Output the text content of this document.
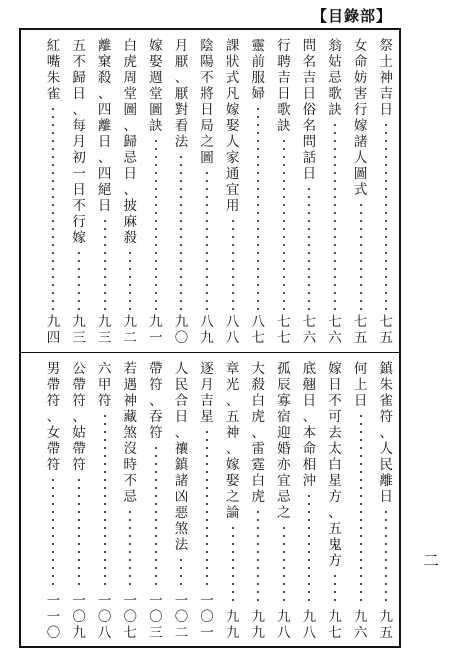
【目錄部】
祭
土
神
吉
日
七
五
女
命
妨
害
行
嫁
諸
人
圖
式
七
五
翁
姑
忌
歌
訣
七
六
問
名
吉
日
俗
名
問
話
日
七
六
行
聘
吉
日
歌
訣
七
七
靈
前
服
婦
八
七
課
狀
式
凡
嫁
娶
人
家
通
宜
用
八
八
陰
陽
不
將
日
局
之
圖
八
九
月
厭
、
厭
對
看
法
九
〇
嫁
娶
週
堂
圖
訣
九
一
白
虎
周
堂
圖
、
歸
忌
日
、
披
麻
殺
九
二
離
窠
殺
、
四
離
日
、
四
絕
日
九
三
五
不
歸
日
、
每
月
初
一
日
不
行
嫁
九
三
紅
嘴
朱
雀
九
四
鎮
朱
雀
符
、
人
民
離
日
九
五
何
上
日
九
六
嫁
日
不
可
去
太
白
星
方
、
五
鬼
方
九
七
底
翹
日
、
本
命
相
沖
九
八
孤
辰
寡
宿
迎
婚
亦
宜
忌
之
九
八
大
殺
白
虎
、
雷
霆
白
虎
九
九
章
光
、
五
神
、
嫁
娶
之
論
九
九
逐
月
吉
星
一
〇
一
人
民
合
日
、
禳
鎮
諸
凶
惡
煞
法
一
〇
二
帶
符
、
吞
符
一
〇
三
若
遇
神
藏
煞
沒
時
不
忌
一
〇
七
六
甲
符
一
〇
八
公
帶
符
、
姑
帶
符
一
〇
九
男
帶
符
、
女
帶
符
一
一
〇
二
